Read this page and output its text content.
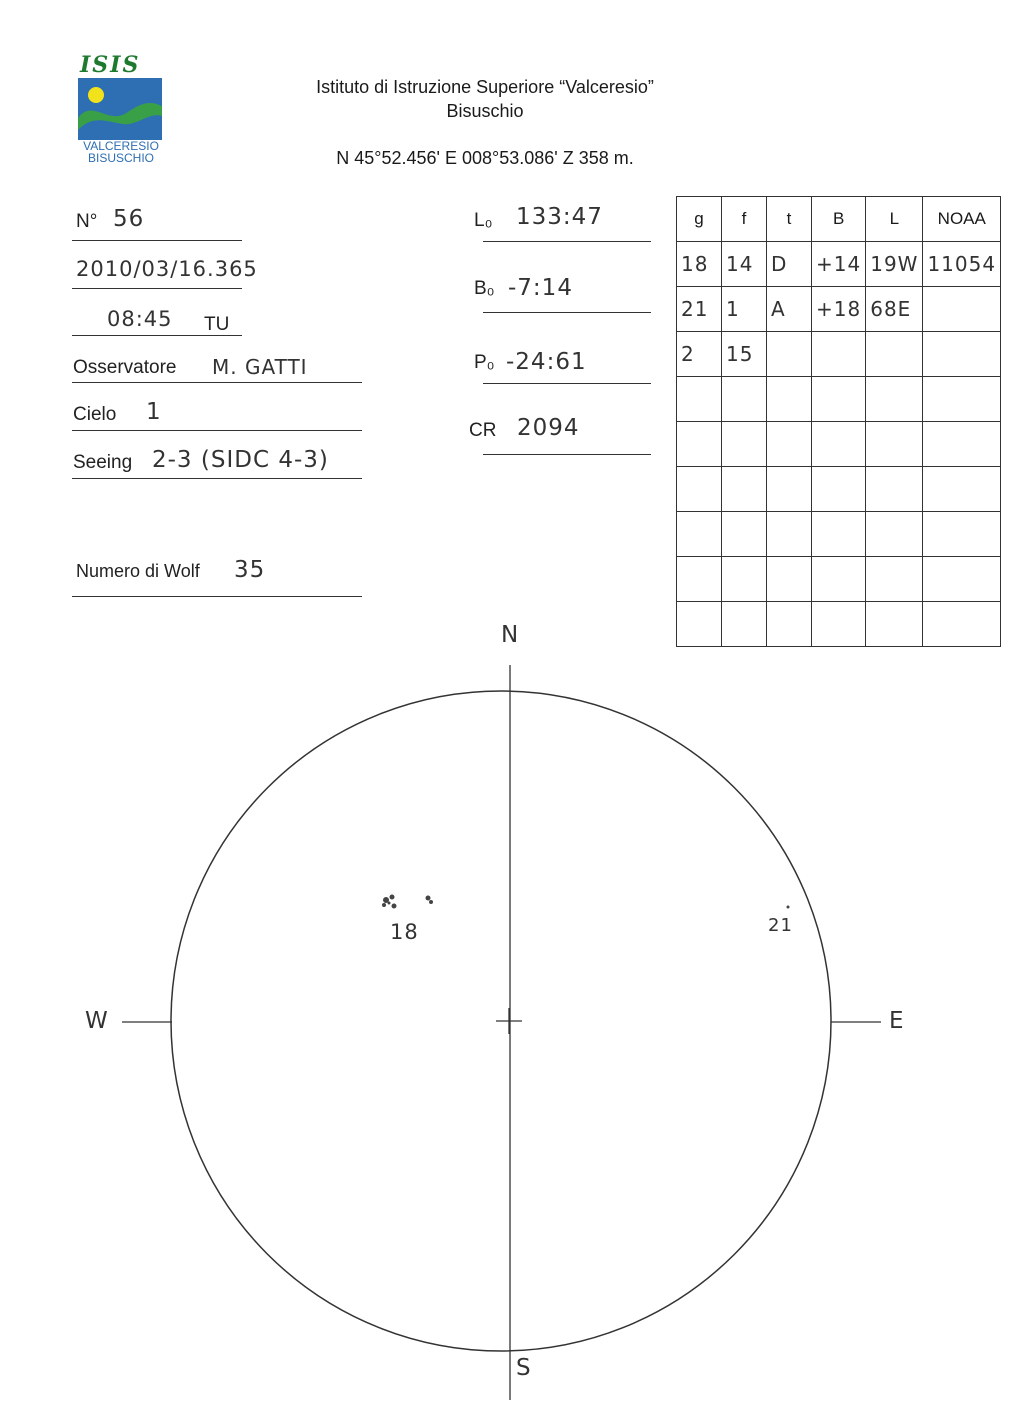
ISIS
VALCERESIO
BISUSCHIO
Istituto di Istruzione Superiore “Valceresio”
Bisuschio
N 45°52.456' E 008°53.086' Z 358 m.
N° 56
2010/03/16.365
08:45 TU
Osservatore M. GATTI
Cielo 1
Seeing 2-3 (SIDC 4-3)
Numero di Wolf 35
L₀ 133:47
B₀ -7:14
P₀ -24:61
CR 2094
g	f	t	B	L	NOAA
18	14	D	+14	19W	11054
21	1	A	+18	68E	
2	15				

N
S
W	E
18	21
